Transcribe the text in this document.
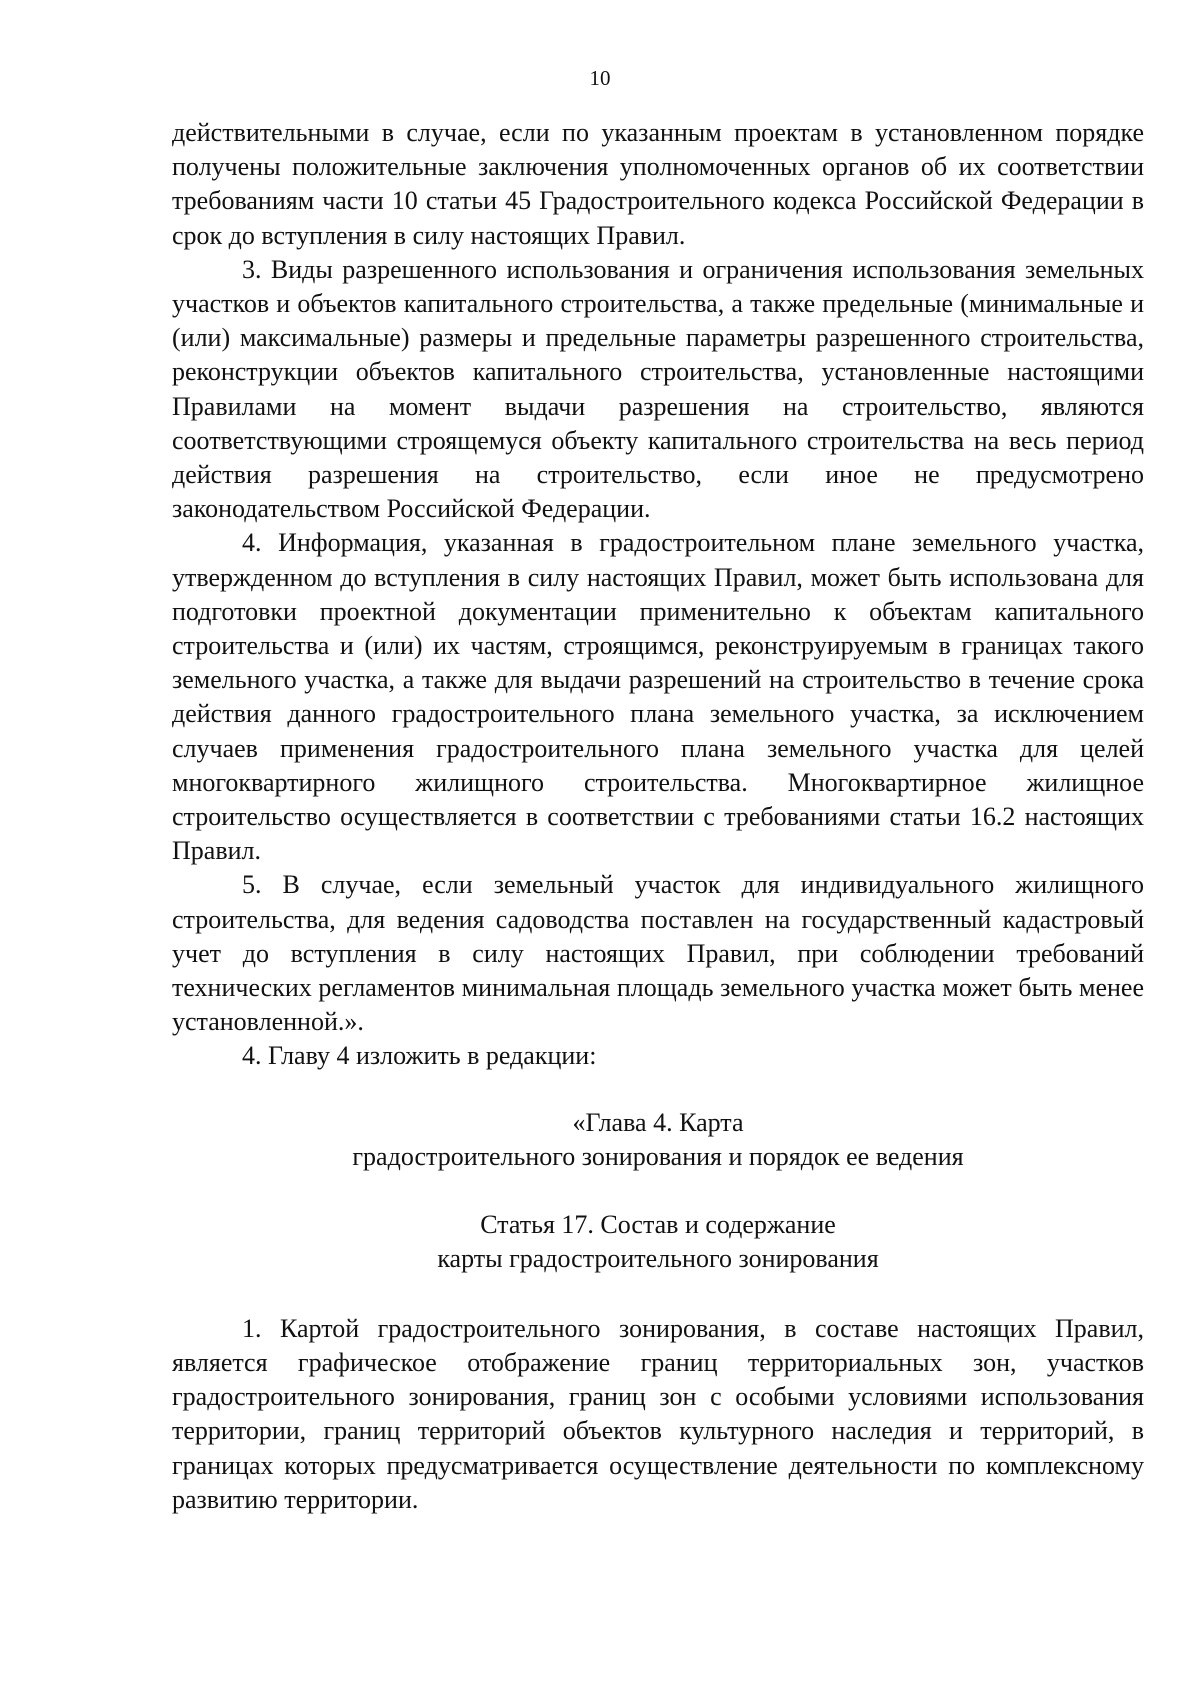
10

действительными в случае, если по указанным проектам в установленном порядке получены положительные заключения уполномоченных органов об их соответствии требованиям части 10 статьи 45 Градостроительного кодекса Российской Федерации в срок до вступления в силу настоящих Правил.

3. Виды разрешенного использования и ограничения использования земельных участков и объектов капитального строительства, а также предельные (минимальные и (или) максимальные) размеры и предельные параметры разрешенного строительства, реконструкции объектов капитального строительства, установленные настоящими Правилами на момент выдачи разрешения на строительство, являются соответствующими строящемуся объекту капитального строительства на весь период действия разрешения на строительство, если иное не предусмотрено законодательством Российской Федерации.

4. Информация, указанная в градостроительном плане земельного участка, утвержденном до вступления в силу настоящих Правил, может быть использована для подготовки проектной документации применительно к объектам капитального строительства и (или) их частям, строящимся, реконструируемым в границах такого земельного участка, а также для выдачи разрешений на строительство в течение срока действия данного градостроительного плана земельного участка, за исключением случаев применения градостроительного плана земельного участка для целей многоквартирного жилищного строительства. Многоквартирное жилищное строительство осуществляется в соответствии с требованиями статьи 16.2 настоящих Правил.

5. В случае, если земельный участок для индивидуального жилищного строительства, для ведения садоводства поставлен на государственный кадастровый учет до вступления в силу настоящих Правил, при соблюдении требований технических регламентов минимальная площадь земельного участка может быть менее установленной.».

4. Главу 4 изложить в редакции:

«Глава 4. Карта

градостроительного зонирования и порядок ее ведения

Статья 17. Состав и содержание

карты градостроительного зонирования

1. Картой градостроительного зонирования, в составе настоящих Правил, является графическое отображение границ территориальных зон, участков градостроительного зонирования, границ зон с особыми условиями использования территории, границ территорий объектов культурного наследия и территорий, в границах которых предусматривается осуществление деятельности по комплексному развитию территории.
